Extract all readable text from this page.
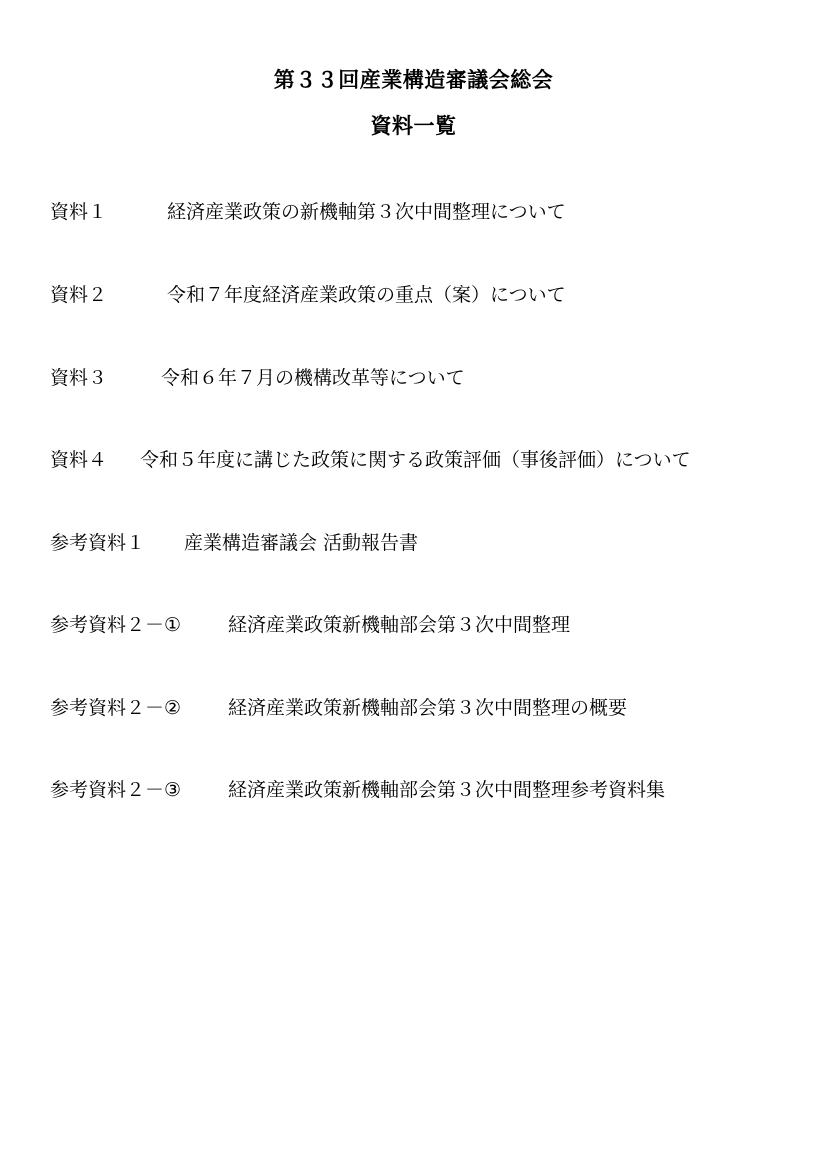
第３３回産業構造審議会総会
資料一覧
資料１	経済産業政策の新機軸第３次中間整理について
資料２	令和７年度経済産業政策の重点（案）について
資料３	令和６年７月の機構改革等について
資料４ 令和５年度に講じた政策に関する政策評価（事後評価）について
参考資料１ 産業構造審議会 活動報告書
参考資料２－① 経済産業政策新機軸部会第３次中間整理
参考資料２－② 経済産業政策新機軸部会第３次中間整理の概要
参考資料２－③ 経済産業政策新機軸部会第３次中間整理参考資料集
